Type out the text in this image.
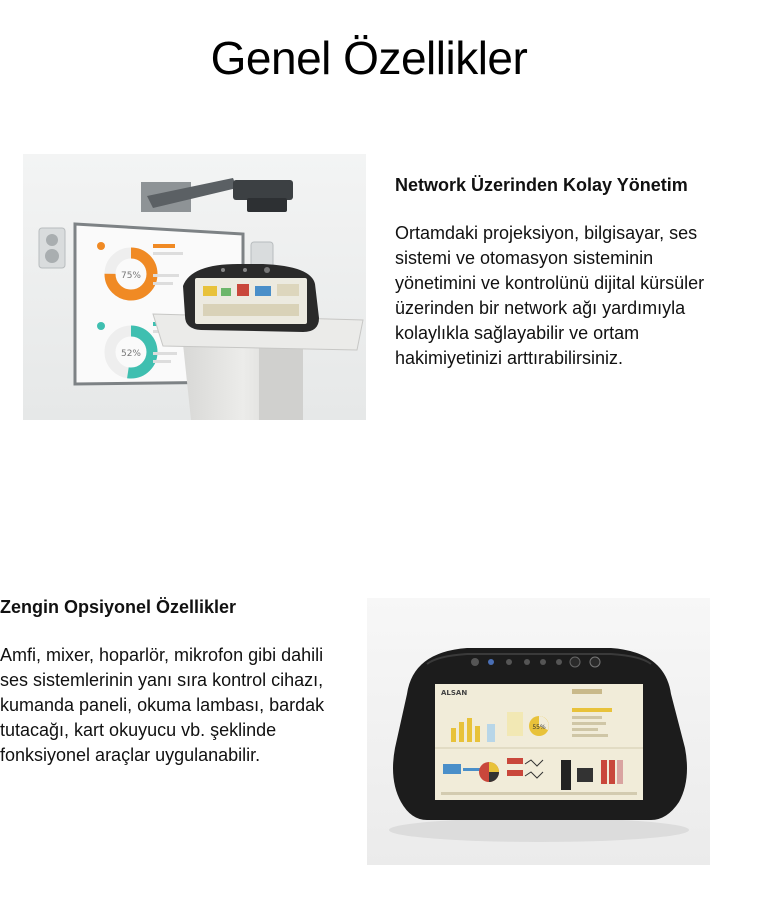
Genel Özellikler
75%
52%
Network Üzerinden Kolay Yönetim

Ortamdaki projeksiyon, bilgisayar, ses
sistemi ve otomasyon sisteminin
yönetimini ve kontrolünü dijital kürsüler
üzerinden bir network ağı yardımıyla
kolaylıkla sağlayabilir ve ortam
hakimiyetinizi arttırabilirsiniz.

Zengin Opsiyonel Özellikler

Amfi, mixer, hoparlör, mikrofon gibi dahili
ses sistemlerinin yanı sıra kontrol cihazı,
kumanda paneli, okuma lambası, bardak
tutacağı, kart okuyucu vb. şeklinde
fonksiyonel araçlar uygulanabilir.

ALSAN
55%
